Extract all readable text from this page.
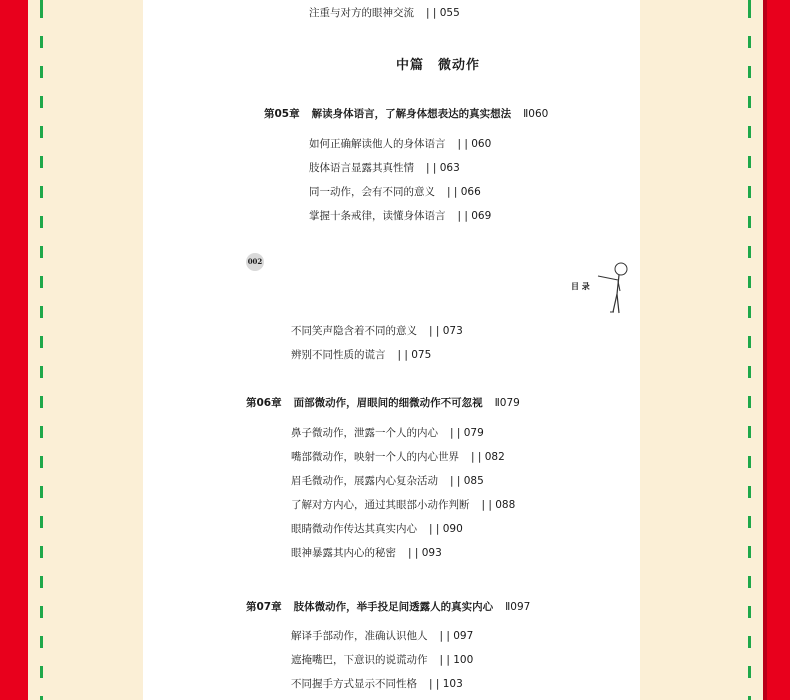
注重与对方的眼神交流 | | 055
中篇 微动作
第05章 解读身体语言，了解身体想表达的真实想法 Ⅱ060
如何正确解读他人的身体语言 | | 060
肢体语言显露其真性情 | | 063
同一动作，会有不同的意义 | | 066
掌握十条戒律，读懂身体语言 | | 069
002
目 录
不同笑声隐含着不同的意义 | | 073
辨别不同性质的谎言 | | 075
第06章 面部微动作，眉眼间的细微动作不可忽视 Ⅱ079
鼻子微动作，泄露一个人的内心 | | 079
嘴部微动作，映射一个人的内心世界 | | 082
眉毛微动作，展露内心复杂活动 | | 085
了解对方内心，通过其眼部小动作判断 | | 088
眼睛微动作传达其真实内心 | | 090
眼神暴露其内心的秘密 | | 093
第07章 肢体微动作，举手投足间透露人的真实内心 Ⅱ097
解译手部动作，准确认识他人 | | 097
遮掩嘴巴，下意识的说谎动作 | | 100
不同握手方式显示不同性格 | | 103
